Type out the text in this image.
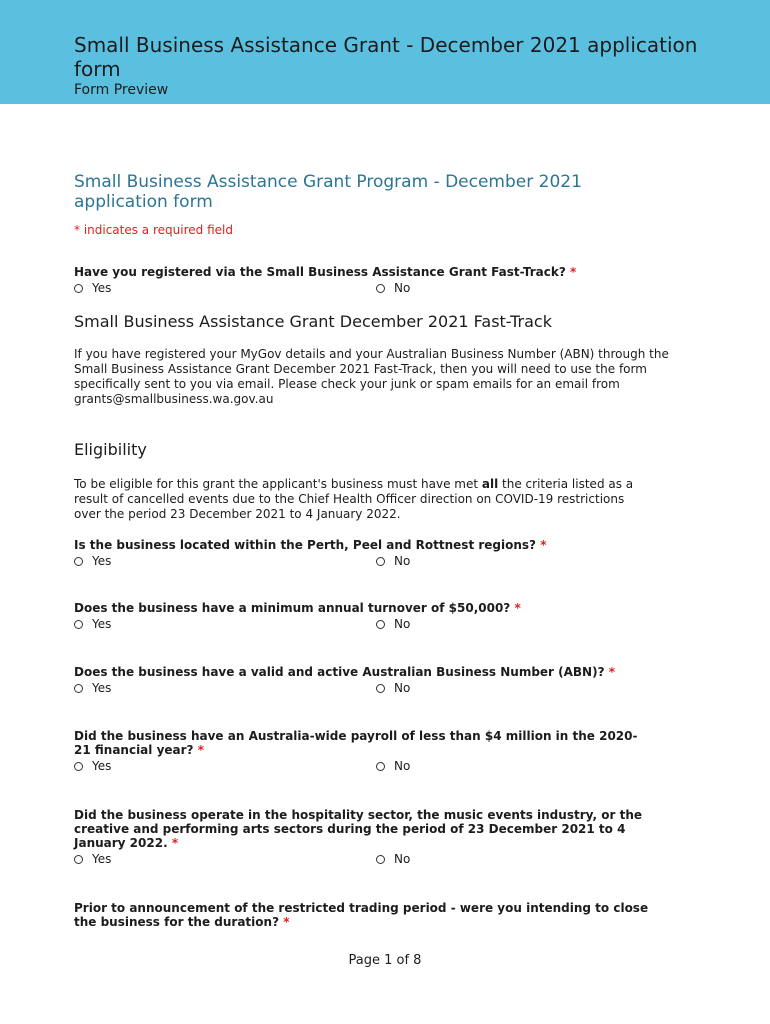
Small Business Assistance Grant - December 2021 application form
Form Preview
Small Business Assistance Grant Program - December 2021 application form
* indicates a required field
Have you registered via the Small Business Assistance Grant Fast-Track? *
Yes	No
Small Business Assistance Grant December 2021 Fast-Track

If you have registered your MyGov details and your Australian Business Number (ABN) through the Small Business Assistance Grant December 2021 Fast-Track, then you will need to use the form specifically sent to you via email. Please check your junk or spam emails for an email from grants@smallbusiness.wa.gov.au

Eligibility

To be eligible for this grant the applicant's business must have met all the criteria listed as a result of cancelled events due to the Chief Health Officer direction on COVID-19 restrictions over the period 23 December 2021 to 4 January 2022.

Is the business located within the Perth, Peel and Rottnest regions? *
Yes	No
Does the business have a minimum annual turnover of $50,000? *
Yes	No
Does the business have a valid and active Australian Business Number (ABN)? *
Yes	No
Did the business have an Australia-wide payroll of less than $4 million in the 2020-21 financial year? *
Yes	No
Did the business operate in the hospitality sector, the music events industry, or the creative and performing arts sectors during the period of 23 December 2021 to 4 January 2022. *
Yes	No
Prior to announcement of the restricted trading period - were you intending to close the business for the duration? *
Page 1 of 8
